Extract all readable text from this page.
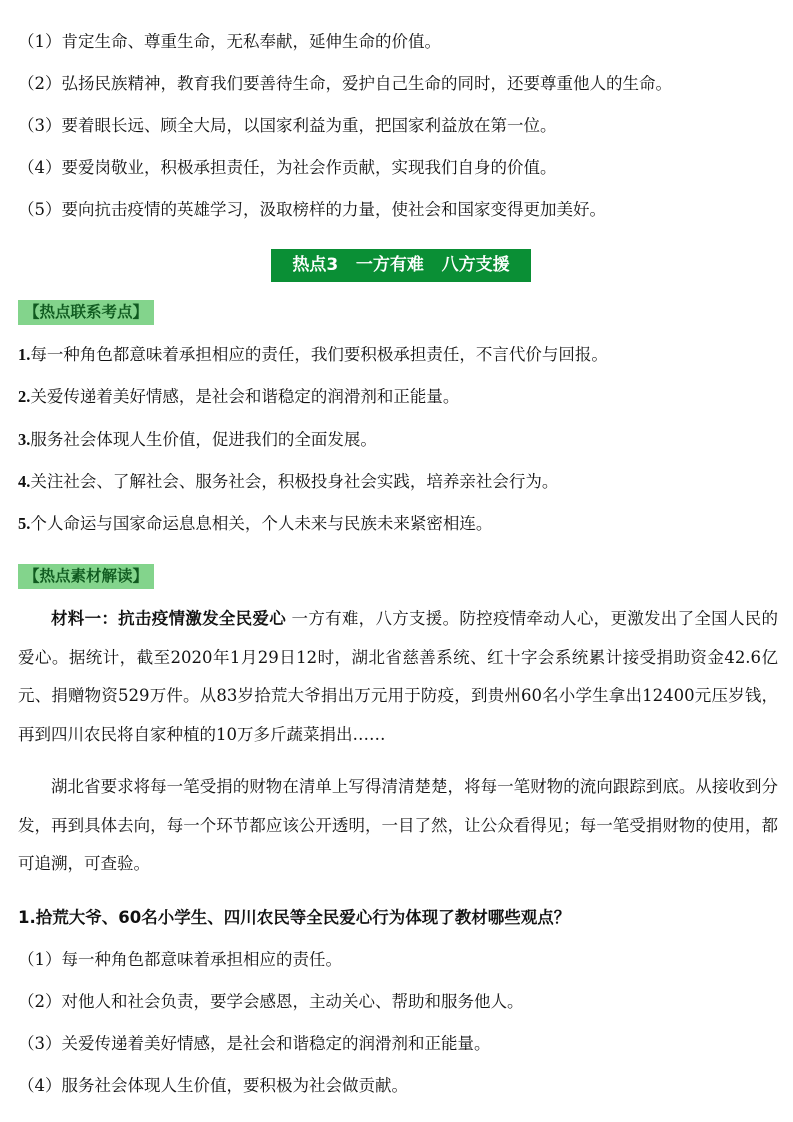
（1）肯定生命、尊重生命，无私奉献，延伸生命的价值。
（2）弘扬民族精神，教育我们要善待生命，爱护自己生命的同时，还要尊重他人的生命。
（3）要着眼长远、顾全大局，以国家利益为重，把国家利益放在第一位。
（4）要爱岗敬业，积极承担责任，为社会作贡献，实现我们自身的价值。
（5）要向抗击疫情的英雄学习，汲取榜样的力量，使社会和国家变得更加美好。
热点3   一方有难   八方支援
【热点联系考点】
1.每一种角色都意味着承担相应的责任，我们要积极承担责任，不言代价与回报。
2.关爱传递着美好情感，是社会和谐稳定的润滑剂和正能量。
3.服务社会体现人生价值，促进我们的全面发展。
4.关注社会、了解社会、服务社会，积极投身社会实践，培养亲社会行为。
5.个人命运与国家命运息息相关，个人未来与民族未来紧密相连。
【热点素材解读】
材料一：抗击疫情激发全民爱心 一方有难，八方支援。防控疫情牵动人心，更激发出了全国人民的爱心。据统计，截至2020年1月29日12时，湖北省慈善系统、红十字会系统累计接受捐助资金42.6亿元、捐赠物资529万件。从83岁拾荒大爷捐出万元用于防疫，到贵州60名小学生拿出12400元压岁钱，再到四川农民将自家种植的10万多斤蔬菜捐出……
湖北省要求将每一笔受捐的财物在清单上写得清清楚楚，将每一笔财物的流向跟踪到底。从接收到分发，再到具体去向，每一个环节都应该公开透明，一目了然，让公众看得见；每一笔受捐财物的使用，都可追溯，可查验。
1.拾荒大爷、60名小学生、四川农民等全民爱心行为体现了教材哪些观点？
（1）每一种角色都意味着承担相应的责任。
（2）对他人和社会负责，要学会感恩，主动关心、帮助和服务他人。
（3）关爱传递着美好情感，是社会和谐稳定的润滑剂和正能量。
（4）服务社会体现人生价值，要积极为社会做贡献。
